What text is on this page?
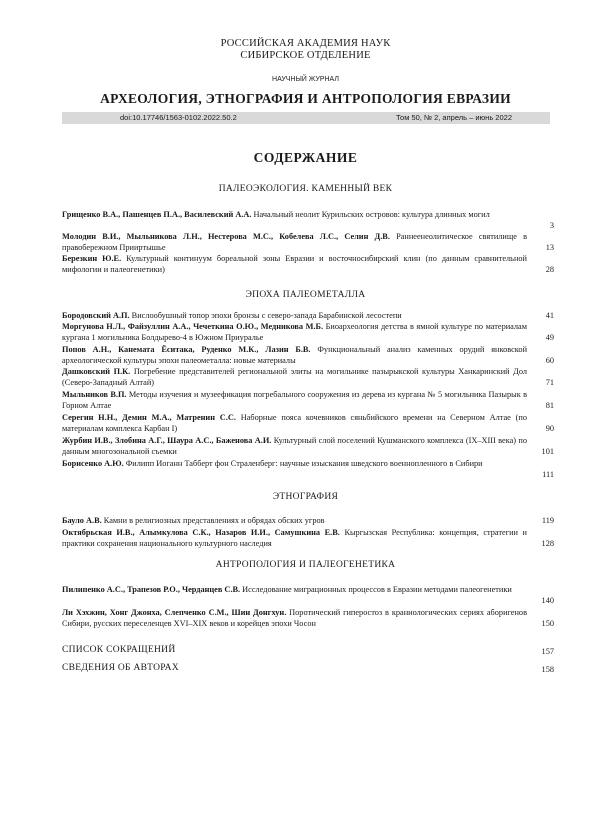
РОССИЙСКАЯ АКАДЕМИЯ НАУК
СИБИРСКОЕ ОТДЕЛЕНИЕ
НАУЧНЫЙ ЖУРНАЛ
АРХЕОЛОГИЯ, ЭТНОГРАФИЯ И АНТРОПОЛОГИЯ ЕВРАЗИИ
doi:10.17746/1563-0102.2022.50.2	Том 50, № 2, апрель – июнь 2022
СОДЕРЖАНИЕ
ПАЛЕОЭКОЛОГИЯ. КАМЕННЫЙ ВЕК
Грищенко В.А., Пашенцев П.А., Василевский А.А. Начальный неолит Курильских островов: культура длинных могил
3
Молодин В.И., Мыльникова Л.Н., Нестерова М.С., Кобелева Л.С., Селин Д.В. Раннеенеолитическое святилище в правобережном Прииртышье	13
Березкин Ю.Е. Культурный континуум бореальной зоны Евразии и восточносибирский клин (по данным сравнительной мифологии и палеогенетики)	28
ЭПОХА ПАЛЕОМЕТАЛЛА
Бородовский А.П. Вислообушный топор эпохи бронзы с северо-запада Барабинской лесостепи	41
Моргунова Н.Л., Файзуллин А.А., Чечеткина О.Ю., Медникова М.Б. Биоархеология детства в ямной культуре по материалам кургана 1 могильника Болдырево-4 в Южном Приуралье	49
Попов А.Н., Канемата Ёситака, Руденко М.К., Лазин Б.В. Функциональный анализ каменных орудий янковской археологической культуры эпохи палеометалла: новые материалы	60
Дашковский П.К. Погребение представителей региональной элиты на могильнике пазырыкской культуры Ханкаринский Дол (Северо-Западный Алтай)	71
Мыльников В.П. Методы изучения и музеефикация погребального сооружения из дерева из кургана № 5 могильника Пазырык в Горном Алтае	81
Серегин Н.Н., Демин М.А., Матренин С.С. Наборные пояса кочевников сяньбийского времени на Северном Алтае (по материалам комплекса Карбан I)	90
Журбин И.В., Злобина А.Г., Шаура А.С., Баженова А.И. Культурный слой поселений Кушманского комплекса (IX–XIII века) по данным многозональной съемки	101
Борисенко А.Ю. Филипп Иоганн Табберт фон Страленберг: научные изыскания шведского военнопленного в Сибири
111
ЭТНОГРАФИЯ
Бауло А.В. Камни в религиозных представлениях и обрядах обских угров	119
Октябрьская И.В., Алымкулова С.К., Назаров И.И., Самушкина Е.В. Кыргызская Республика: концепция, стратегии и практики сохранения национального культурного наследия	128
АНТРОПОЛОГИЯ И ПАЛЕОГЕНЕТИКА
Пилипенко А.С., Трапезов Р.О., Черданцев С.В. Исследование миграционных процессов в Евразии методами палеогенетики
140
Ли Хэхжин, Хонг Джонха, Слепченко С.М., Шин Донгхун. Поротический гиперостоз в краниологических сериях аборигенов Сибири, русских переселенцев XVI–XIX веков и корейцев эпохи Чосон	150
СПИСОК СОКРАЩЕНИЙ	157
СВЕДЕНИЯ ОБ АВТОРАХ	158
